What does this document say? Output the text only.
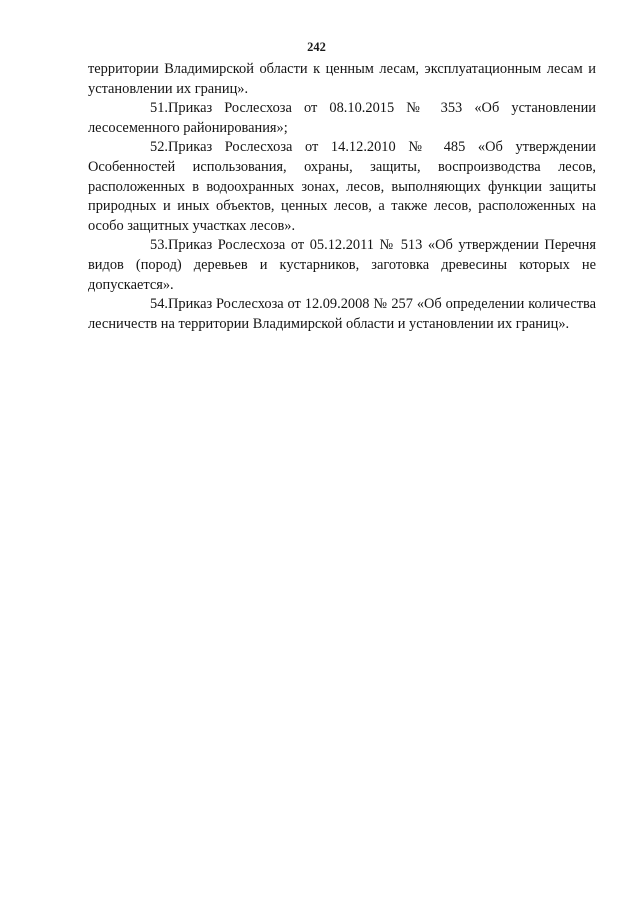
242

территории Владимирской области к ценным лесам, эксплуатационным лесам и установлении их границ».

51.Приказ Рослесхоза от 08.10.2015 № 353 «Об установлении лесосеменного районирования»;

52.Приказ Рослесхоза от 14.12.2010 № 485 «Об утверждении Особенностей использования, охраны, защиты, воспроизводства лесов, расположенных в водоохранных зонах, лесов, выполняющих функции защиты природных и иных объектов, ценных лесов, а также лесов, расположенных на особо защитных участках лесов».

53.Приказ Рослесхоза от 05.12.2011 № 513 «Об утверждении Перечня видов (пород) деревьев и кустарников, заготовка древесины которых не допускается».

54.Приказ Рослесхоза от 12.09.2008 № 257 «Об определении количества лесничеств на территории Владимирской области и установлении их границ».
